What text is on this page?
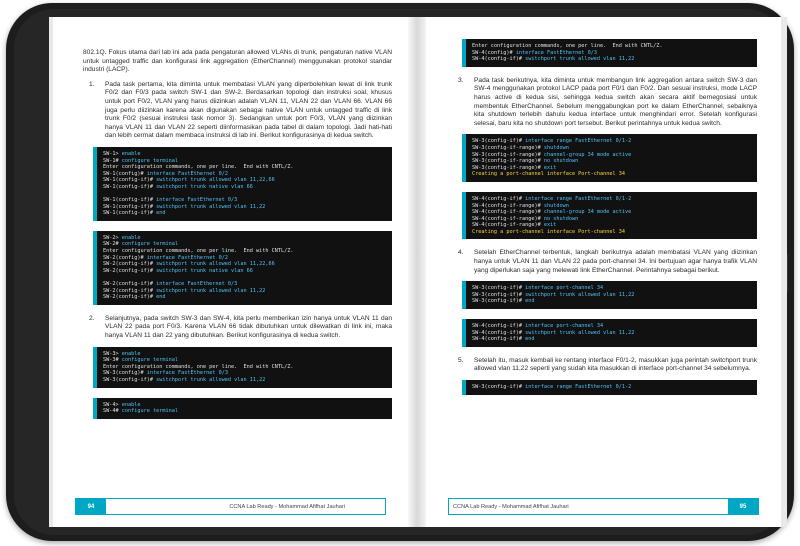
802.1Q. Fokus utama dari lab ini ada pada pengaturan allowed VLANs di trunk, pengaturan native VLAN untuk untagged traffic dan konfigurasi link aggregation (EtherChannel) menggunakan protokol standar industri (LACP).

1.	Pada task pertama, kita diminta untuk membatasi VLAN yang diperbolehkan lewat di link trunk F0/2 dan F0/3 pada switch SW-1 dan SW-2. Berdasarkan topologi dan instruksi soal, khusus untuk port F0/2, VLAN yang harus diizinkan adalah VLAN 11, VLAN 22 dan VLAN 66. VLAN 66 juga perlu diizinkan karena akan digunakan sebagai native VLAN untuk untagged traffic di link trunk F0/2 (sesuai instruksi task nomor 3). Sedangkan untuk port F0/3, VLAN yang diizinkan hanya VLAN 11 dan VLAN 22 seperti diinformasikan pada tabel di dalam topologi. Jadi hati-hati dan lebih cermat dalam membaca instruksi di lab ini. Berikut konfigurasinya di kedua switch.
SW-1> enable
SW-1# configure terminal
Enter configuration commands, one per line.  End with CNTL/Z.
SW-1(config)# interface FastEthernet 0/2
SW-1(config-if)# switchport trunk allowed vlan 11,22,66
SW-1(config-if)# switchport trunk native vlan 66
SW-1(config-if)# interface FastEthernet 0/3
SW-1(config-if)# switchport trunk allowed vlan 11,22
SW-1(config-if)# end
SW-2> enable
SW-2# configure terminal
Enter configuration commands, one per line.  End with CNTL/Z.
SW-2(config)# interface FastEthernet 0/2
SW-2(config-if)# switchport trunk allowed vlan 11,22,66
SW-2(config-if)# switchport trunk native vlan 66
SW-2(config-if)# interface FastEthernet 0/3
SW-2(config-if)# switchport trunk allowed vlan 11,22
SW-2(config-if)# end
2.	Selanjutnya, pada switch SW-3 dan SW-4, kita perlu memberikan izin hanya untuk VLAN 11 dan VLAN 22 pada port F0/3. Karena VLAN 66 tidak dibutuhkan untuk dilewatkan di link ini, maka hanya VLAN 11 dan 22 yang dibutuhkan. Berikut konfigurasinya di kedua switch.
SW-3> enable
SW-3# configure terminal
Enter configuration commands, one per line.  End with CNTL/Z.
SW-3(config)# interface FastEthernet 0/3
SW-3(config-if)# switchport trunk allowed vlan 11,22
SW-4> enable
SW-4# configure terminal
94	CCNA Lab Ready - Mohammad Afifhat Jauhari
Enter configuration commands, one per line.  End with CNTL/Z.
SW-4(config)# interface FastEthernet 0/3
SW-4(config-if)# switchport trunk allowed vlan 11,22
3.	Pada task berikutnya, kita diminta untuk membangun link aggregation antara switch SW-3 dan SW-4 menggunakan protokol LACP pada port F0/1 dan F0/2. Dan sesuai instruksi, mode LACP harus active di kedua sisi, sehingga kedua switch akan secara aktif bernegosiasi untuk membentuk EtherChannel. Sebelum menggabungkan port ke dalam EtherChannel, sebaiknya kita shutdown terlebih dahulu kedua interface untuk menghindari error. Setelah konfigurasi selesai, baru kita no shutdown port tersebut. Berikut perintahnya untuk kedua switch.
SW-3(config-if)# interface range FastEthernet 0/1-2
SW-3(config-if-range)# shutdown
SW-3(config-if-range)# channel-group 34 mode active
SW-3(config-if-range)# no shutdown
SW-3(config-if-range)# exit
Creating a port-channel interface Port-channel 34
SW-4(config-if)# interface range FastEthernet 0/1-2
SW-4(config-if-range)# shutdown
SW-4(config-if-range)# channel-group 34 mode active
SW-4(config-if-range)# no shutdown
SW-4(config-if-range)# exit
Creating a port-channel interface Port-channel 34
4.	Setelah EtherChannel terbentuk, langkah berikutnya adalah membatasi VLAN yang diizinkan hanya untuk VLAN 11 dan VLAN 22 pada port-channel 34. Ini bertujuan agar hanya trafik VLAN yang diperlukan saja yang melewati link EtherChannel. Perintahnya sebagai berikut.
SW-3(config-if)# interface port-channel 34
SW-3(config-if)# switchport trunk allowed vlan 11,22
SW-3(config-if)# end
SW-4(config-if)# interface port-channel 34
SW-4(config-if)# switchport trunk allowed vlan 11,22
SW-4(config-if)# end
5.	Setelah itu, masuk kembali ke rentang interface F0/1-2, masukkan juga perintah switchport trunk allowed vlan 11,22 seperti yang sudah kita masukkan di interface port-channel 34 sebelumnya.
SW-3(config-if)# interface range FastEthernet 0/1-2
CCNA Lab Ready - Mohammad Afifhat Jauhari	95
